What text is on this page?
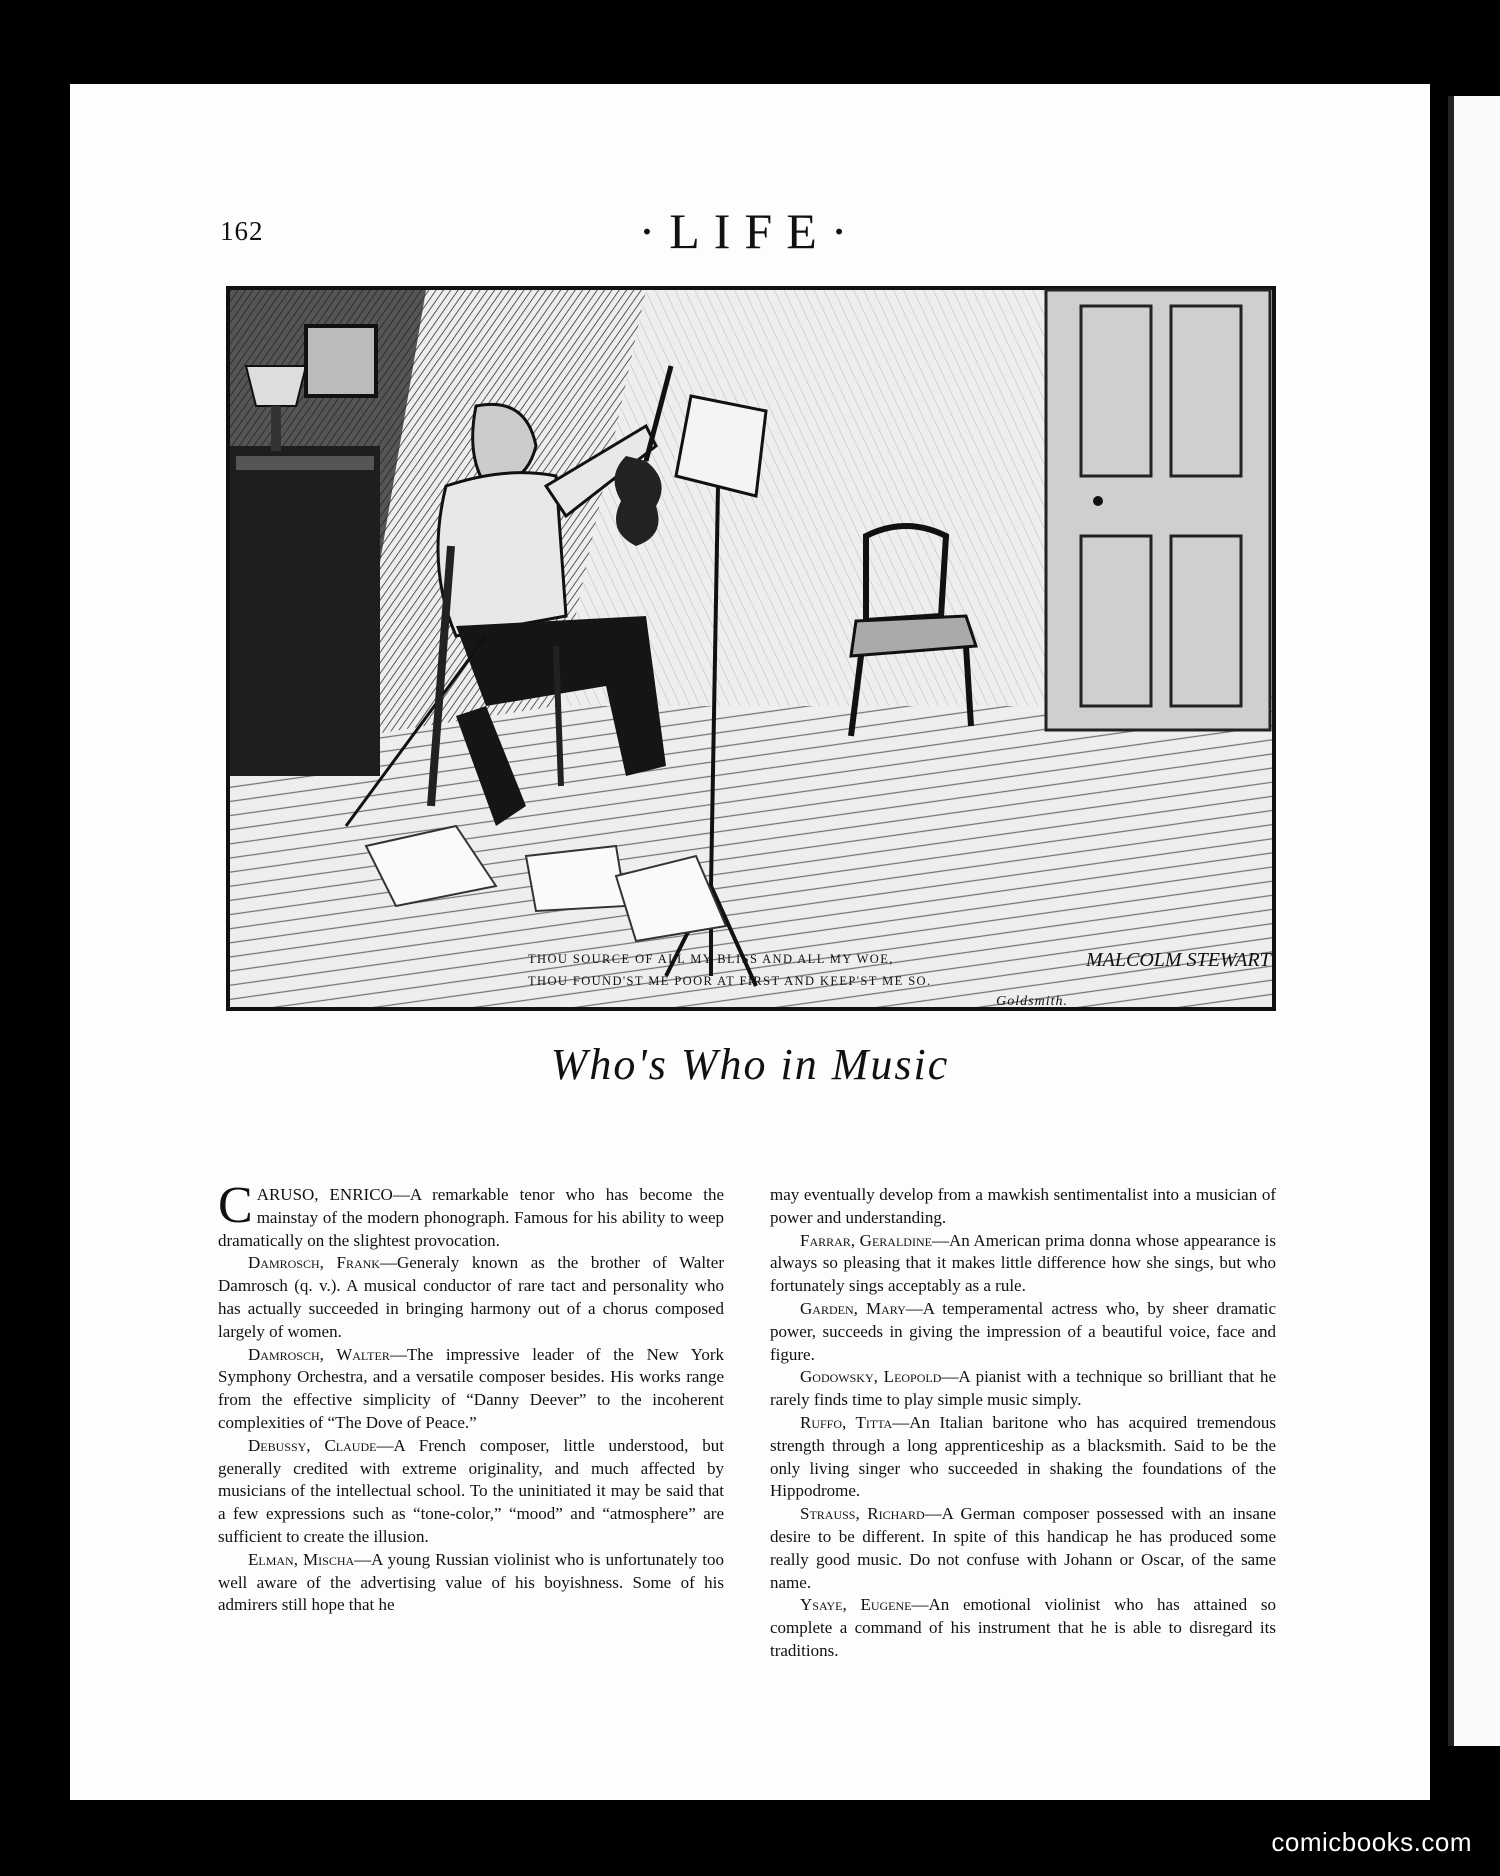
162	·LIFE·
MALCOLM STEWART
THOU SOURCE OF ALL MY BLISS AND ALL MY WOE,
THOU FOUND'ST ME POOR AT FIRST AND KEEP'ST ME SO.
Goldsmith.
Who's Who in Music

CARUSO, ENRICO—A remarkable tenor who has become the mainstay of the modern phonograph. Famous for his ability to weep dramatically on the slightest provocation.

Damrosch, Frank—Generaly known as the brother of Walter Damrosch (q. v.). A musical conductor of rare tact and personality who has actually succeeded in bringing harmony out of a chorus composed largely of women.

Damrosch, Walter—The impressive leader of the New York Symphony Orchestra, and a versatile composer besides. His works range from the effective simplicity of “Danny Deever” to the incoherent complexities of “The Dove of Peace.”

Debussy, Claude—A French composer, little understood, but generally credited with extreme originality, and much affected by musicians of the intellectual school. To the uninitiated it may be said that a few expressions such as “tone-color,” “mood” and “atmosphere” are sufficient to create the illusion.

Elman, Mischa—A young Russian violinist who is unfortunately too well aware of the advertising value of his boyishness. Some of his admirers still hope that he

may eventually develop from a mawkish sentimentalist into a musician of power and understanding.

Farrar, Geraldine—An American prima donna whose appearance is always so pleasing that it makes little difference how she sings, but who fortunately sings acceptably as a rule.

Garden, Mary—A temperamental actress who, by sheer dramatic power, succeeds in giving the impression of a beautiful voice, face and figure.

Godowsky, Leopold—A pianist with a technique so brilliant that he rarely finds time to play simple music simply.

Ruffo, Titta—An Italian baritone who has acquired tremendous strength through a long apprenticeship as a blacksmith. Said to be the only living singer who succeeded in shaking the foundations of the Hippodrome.

Strauss, Richard—A German composer possessed with an insane desire to be different. In spite of this handicap he has produced some really good music. Do not confuse with Johann or Oscar, of the same name.

Ysaye, Eugene—An emotional violinist who has attained so complete a command of his instrument that he is able to disregard its traditions.

comicbooks.com
